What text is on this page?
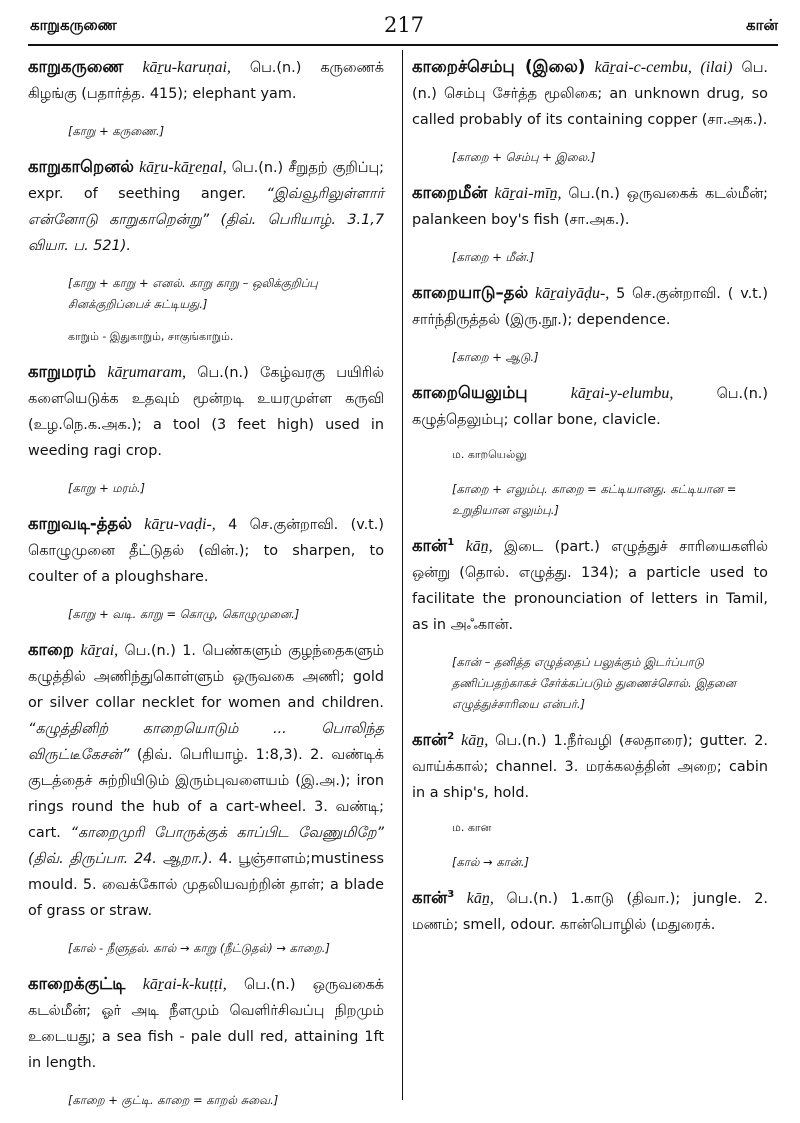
காறுகருணை	217	கான்

காறுகருணை kāṟu-karuṇai, பெ.(n.) கருணைக் கிழங்கு (பதார்த்த. 415); elephant yam.

[காறு + கருணை.]

காறுகாறெனல் kāṟu-kāṟeṉal, பெ.(n.) சீறுதற் குறிப்பு; expr. of seething anger. “இவ்வூரிலுள்ளார் என்னோடு காறுகாறென்று” (திவ். பெரியாழ். 3.1,7 வியா. ப. 521).

[காறு + காறு + எனல். காறு காறு – ஒலிக்குறிப்பு சினக்குறிப்பைச் சுட்டியது.]
காறும் - இதுகாறும், சாகுங்காறும்.

காறுமரம் kāṟumaram, பெ.(n.) கேழ்வரகு பயிரில் களையெடுக்க உதவும் மூன்றடி உயரமுள்ள கருவி (உழ.நெ.க.அக.); a tool (3 feet high) used in weeding ragi crop.

[காறு + மரம்.]

காறுவடி-த்தல் kāṟu-vaḍi-, 4 செ.குன்றாவி. (v.t.) கொழுமுனை தீட்டுதல் (வின்.); to sharpen, to coulter of a ploughshare.

[காறு + வடி. காறு = கொழு, கொழுமுனை.]

காறை kāṟai, பெ.(n.) 1. பெண்களும் குழந்தைகளும் கழுத்தில் அணிந்துகொள்ளும் ஒருவகை அணி; gold or silver collar necklet for women and children. “கழுத்தினிற் காறையொடும் ... பொலிந்த விருட்டீகேசன்” (திவ். பெரியாழ். 1:8,3). 2. வண்டிக் குடத்தைச் சுற்றியிடும் இரும்புவளையம் (இ.அ.); iron rings round the hub of a cart-wheel. 3. வண்டி; cart. “காறைமுரி போருக்குக் காப்பிட வேணுமிறே” (திவ். திருப்பா. 24. ஆறா.). 4. பூஞ்சாளம்;mustiness mould. 5. வைக்கோல் முதலியவற்றின் தாள்; a blade of grass or straw.

[கால் - நீளுதல். கால் → காறு (நீட்டுதல்) → காறை.]

காறைக்குட்டி kāṟai-k-kuṭṭi, பெ.(n.) ஒருவகைக் கடல்மீன்; ஓர் அடி நீளமும் வெளிர்சிவப்பு நிறமும் உடையது; a sea fish - pale dull red, attaining 1ft in length.

[காறை + குட்டி. காறை = காறல் சுவை.]

காறைச்செம்பு (இலை) kāṟai-c-cembu, (ilai) பெ.(n.) செம்பு சேர்த்த மூலிகை; an unknown drug, so called probably of its containing copper (சா.அக.).

[காறை + செம்பு + இலை.]

காறைமீன் kāṟai-mīṉ, பெ.(n.) ஒருவகைக் கடல்மீன்; palankeen boy's fish (சா.அக.).

[காறை + மீன்.]

காறையாடு–தல் kāṟaiyāḍu-, 5 செ.குன்றாவி. ( v.t.) சார்ந்திருத்தல் (இரு.நூ.); dependence.

[காறை + ஆடு.]

காறையெலும்பு	kāṟai-y-elumbu, பெ.(n.) கழுத்தெலும்பு; collar bone, clavicle.

ம. காறயெல்லு
[காறை + எலும்பு. காறை = கட்டியானது. கட்டியான = உறுதியான எலும்பு.]

கான்$^1$ kāṉ, இடை (part.) எழுத்துச் சாரியைகளில் ஒன்று (தொல். எழுத்து. 134); a particle used to facilitate the pronounciation of letters in Tamil, as in அஃகான்.

[கான் – தனித்த எழுத்தைப் பலுக்கும் இடர்ப்பாடு தணிப்பதற்காகச் சேர்க்கப்படும் துணைச்சொல். இதனை எழுத்துச்சாரியை என்பர்.]

கான்$^2$ kāṉ, பெ.(n.) 1.நீர்வழி (சலதாரை); gutter. 2. வாய்க்கால்; channel. 3. மரக்கலத்தின் அறை; cabin in a ship's, hold.

ம. கான
[கால் → கான்.]

கான்$^3$ kāṉ, பெ.(n.) 1.காடு (திவா.); jungle. 2. மணம்; smell, odour. கான்பொழில் (மதுரைக்.
